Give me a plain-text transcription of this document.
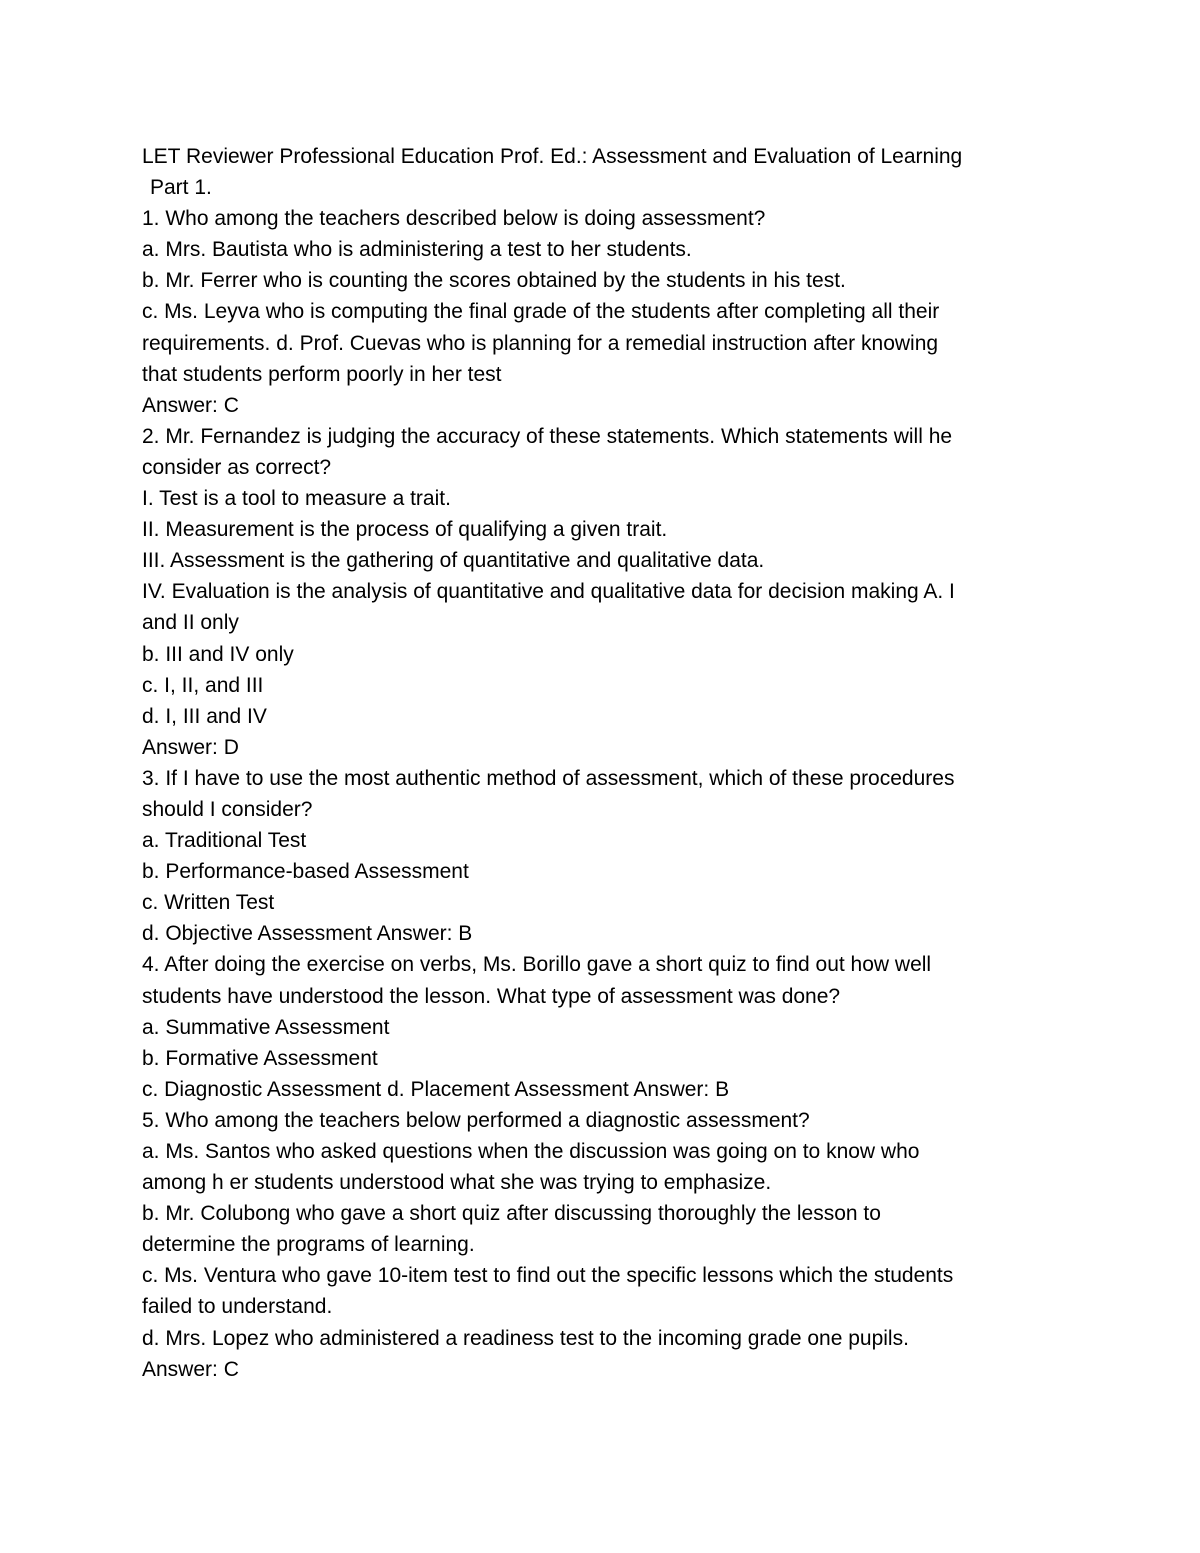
LET Reviewer Professional Education Prof. Ed.: Assessment and Evaluation of Learning
Part 1.
1. Who among the teachers described below is doing assessment?
a. Mrs. Bautista who is administering a test to her students.
b. Mr. Ferrer who is counting the scores obtained by the students in his test.
c. Ms. Leyva who is computing the final grade of the students after completing all their
requirements. d. Prof. Cuevas who is planning for a remedial instruction after knowing
that students perform poorly in her test
Answer: C
2. Mr. Fernandez is judging the accuracy of these statements. Which statements will he
consider as correct?
I. Test is a tool to measure a trait.
II. Measurement is the process of qualifying a given trait.
III. Assessment is the gathering of quantitative and qualitative data.
IV. Evaluation is the analysis of quantitative and qualitative data for decision making A. I
and II only
b. III and IV only
c. I, II, and III
d. I, III and IV
Answer: D
3. If I have to use the most authentic method of assessment, which of these procedures
should I consider?
a. Traditional Test
b. Performance-based Assessment
c. Written Test
d. Objective Assessment Answer: B
4. After doing the exercise on verbs, Ms. Borillo gave a short quiz to find out how well
students have understood the lesson. What type of assessment was done?
a. Summative Assessment
b. Formative Assessment
c. Diagnostic Assessment d. Placement Assessment Answer: B
5. Who among the teachers below performed a diagnostic assessment?
a. Ms. Santos who asked questions when the discussion was going on to know who
among h er students understood what she was trying to emphasize.
b. Mr. Colubong who gave a short quiz after discussing thoroughly the lesson to
determine the programs of learning.
c. Ms. Ventura who gave 10-item test to find out the specific lessons which the students
failed to understand.
d. Mrs. Lopez who administered a readiness test to the incoming grade one pupils.
Answer: C
